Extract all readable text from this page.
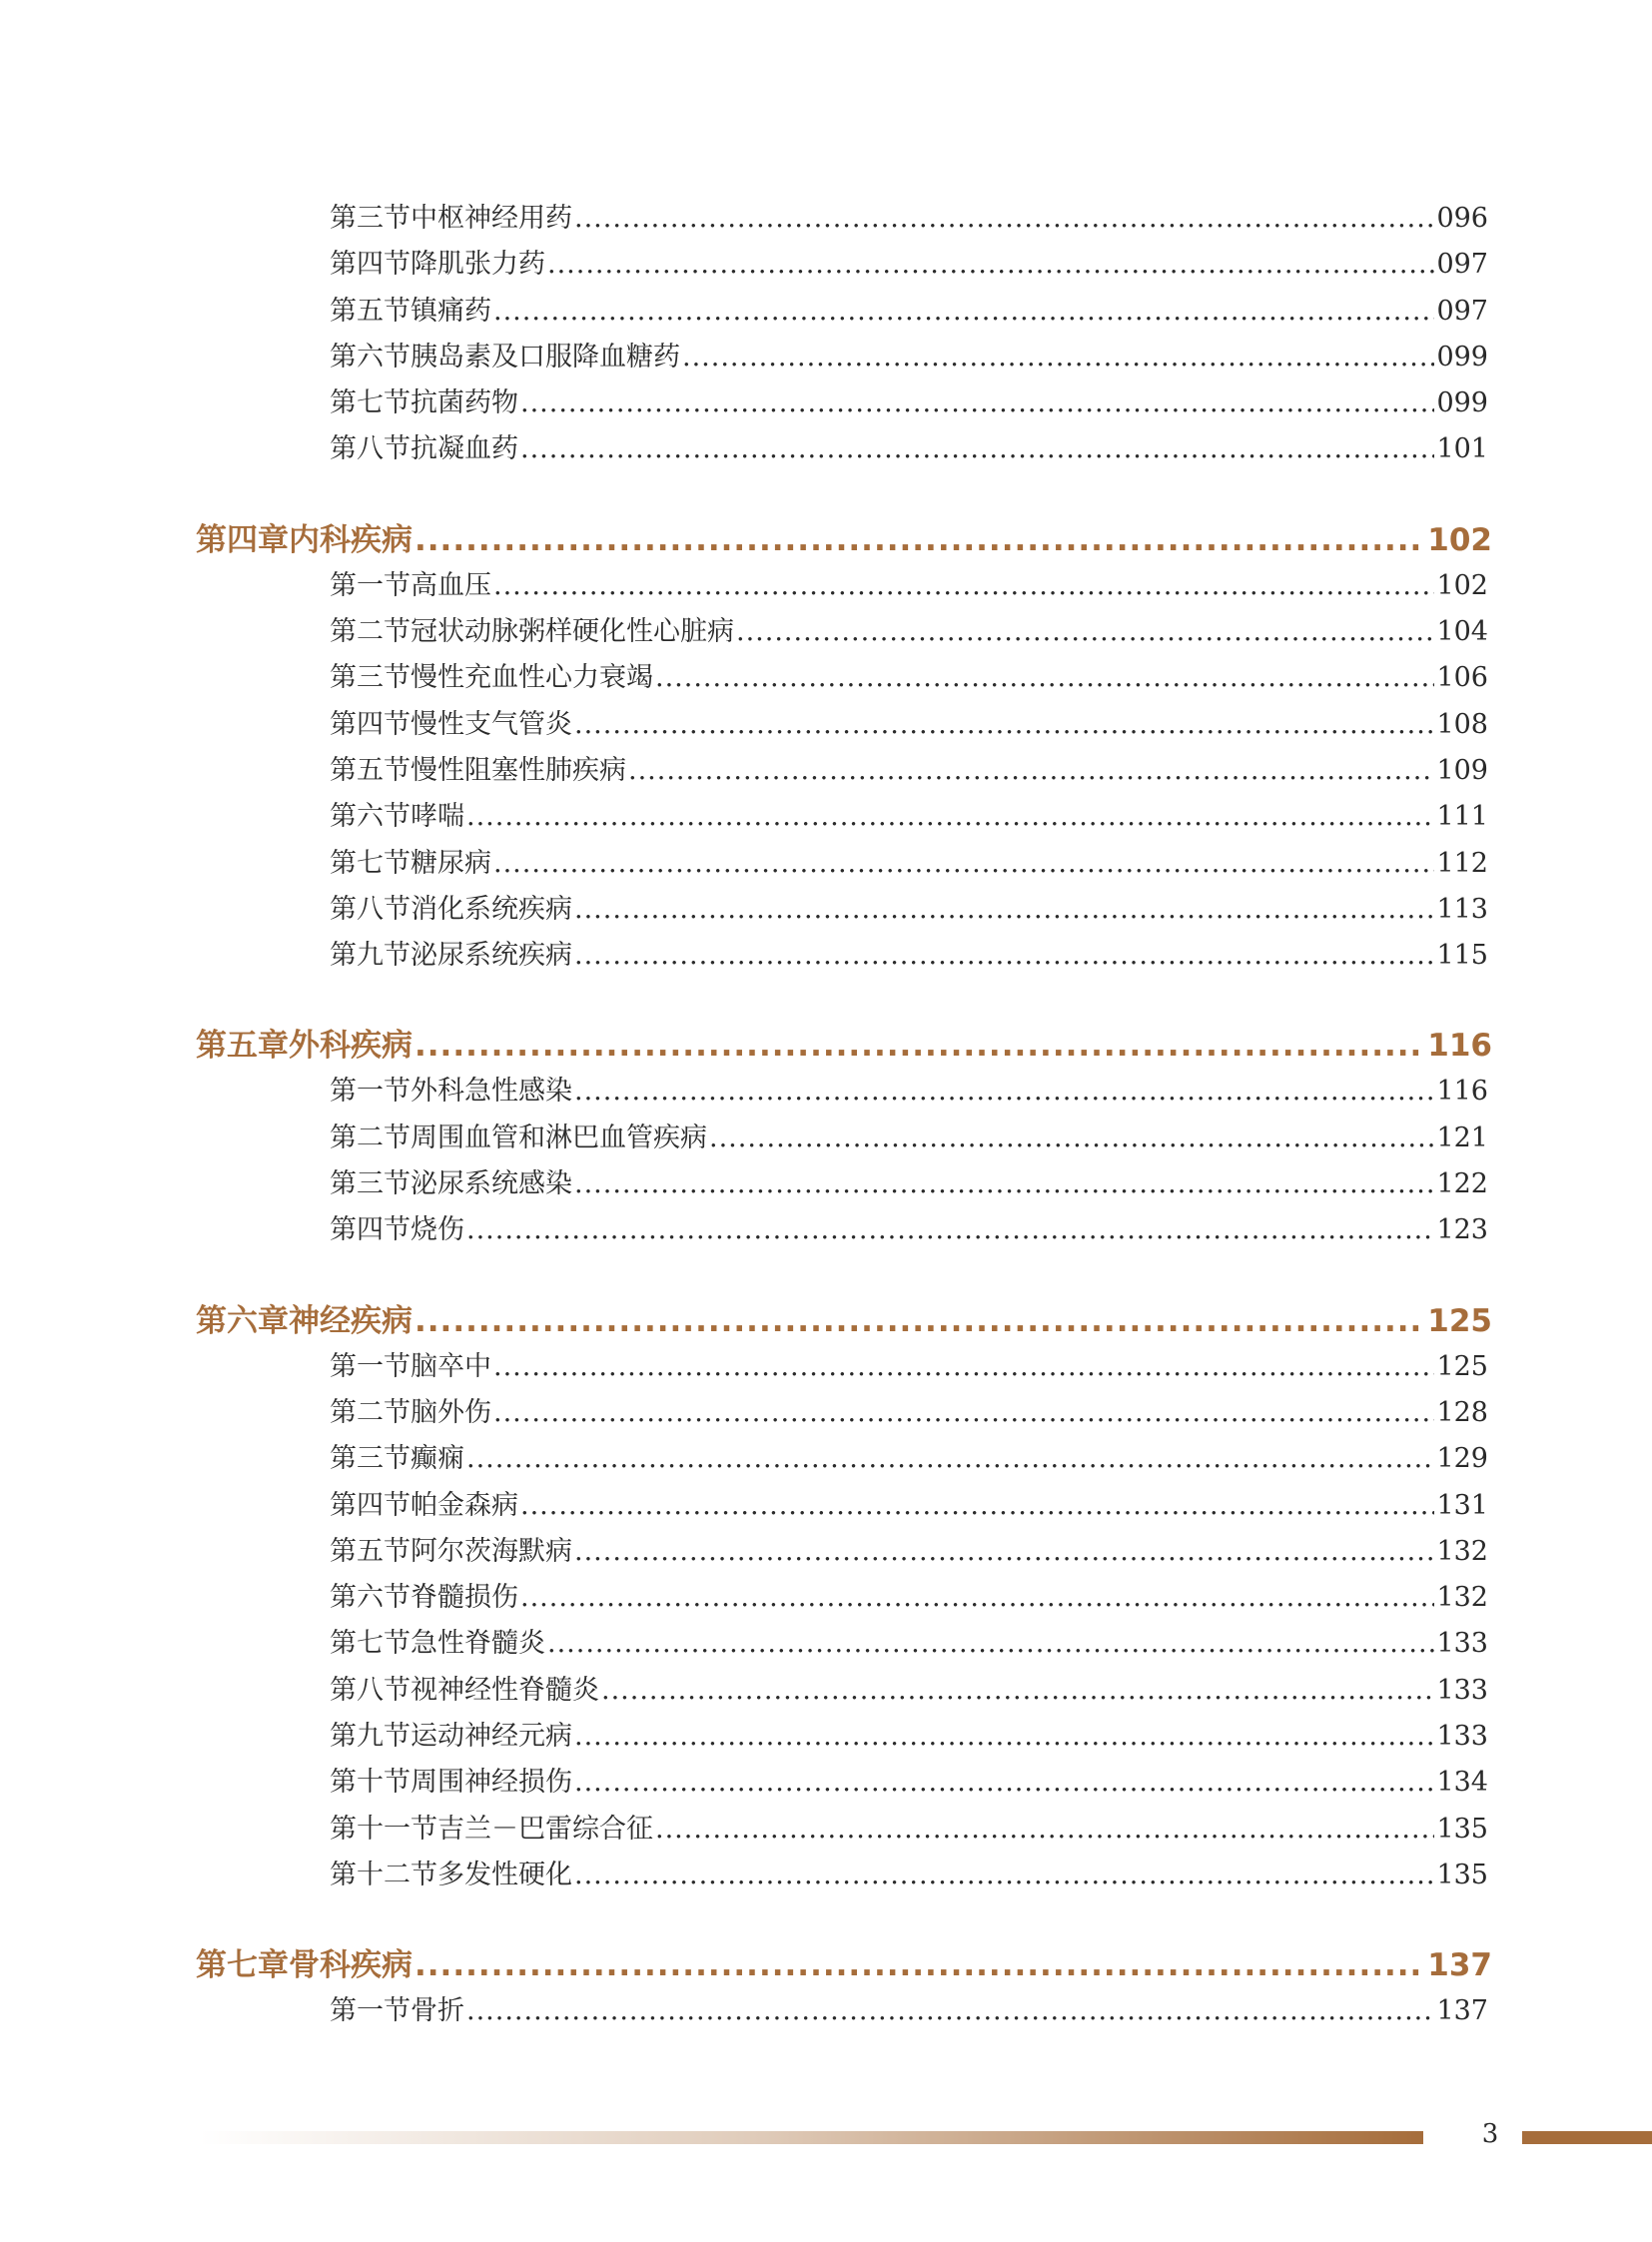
第三节 中枢神经用药 .....	096
第四节 降肌张力药 .....	097
第五节 镇痛药 .....	097
第六节 胰岛素及口服降血糖药 .....	099
第七节 抗菌药物 .....	099
第八节 抗凝血药 .....	101
第四章 内科疾病 .....	102
第一节 高血压 .....	102
第二节 冠状动脉粥样硬化性心脏病 .....	104
第三节 慢性充血性心力衰竭 .....	106
第四节 慢性支气管炎 .....	108
第五节 慢性阻塞性肺疾病 .....	109
第六节 哮喘 .....	111
第七节 糖尿病 .....	112
第八节 消化系统疾病 .....	113
第九节 泌尿系统疾病 .....	115
第五章 外科疾病 .....	116
第一节 外科急性感染 .....	116
第二节 周围血管和淋巴血管疾病 .....	121
第三节 泌尿系统感染 .....	122
第四节 烧伤 .....	123
第六章 神经疾病 .....	125
第一节 脑卒中 .....	125
第二节 脑外伤 .....	128
第三节 癫痫 .....	129
第四节 帕金森病 .....	131
第五节 阿尔茨海默病 .....	132
第六节 脊髓损伤 .....	132
第七节 急性脊髓炎 .....	133
第八节 视神经性脊髓炎 .....	133
第九节 运动神经元病 .....	133
第十节 周围神经损伤 .....	134
第十一节 吉兰－巴雷综合征 .....	135
第十二节 多发性硬化 .....	135
第七章 骨科疾病 .....	137
第一节 骨折 .....	137
3
